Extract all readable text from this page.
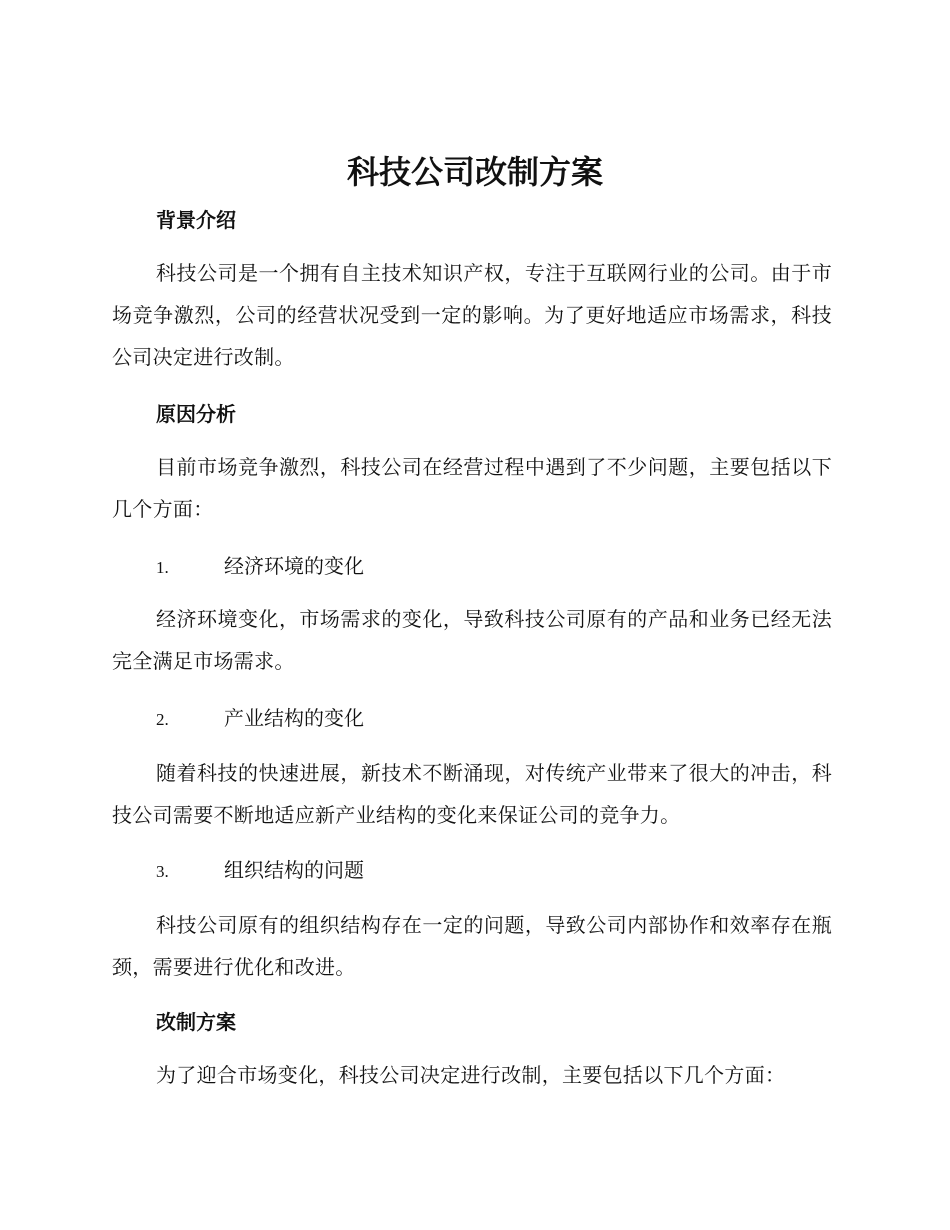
科技公司改制方案
背景介绍

科技公司是一个拥有自主技术知识产权，专注于互联网行业的公司。由于市场竞争激烈，公司的经营状况受到一定的影响。为了更好地适应市场需求，科技公司决定进行改制。

原因分析

目前市场竞争激烈，科技公司在经营过程中遇到了不少问题，主要包括以下几个方面：

1.	经济环境的变化

经济环境变化，市场需求的变化，导致科技公司原有的产品和业务已经无法完全满足市场需求。

2.	产业结构的变化

随着科技的快速进展，新技术不断涌现，对传统产业带来了很大的冲击，科技公司需要不断地适应新产业结构的变化来保证公司的竞争力。

3.	组织结构的问题

科技公司原有的组织结构存在一定的问题，导致公司内部协作和效率存在瓶颈，需要进行优化和改进。

改制方案

为了迎合市场变化，科技公司决定进行改制，主要包括以下几个方面：
